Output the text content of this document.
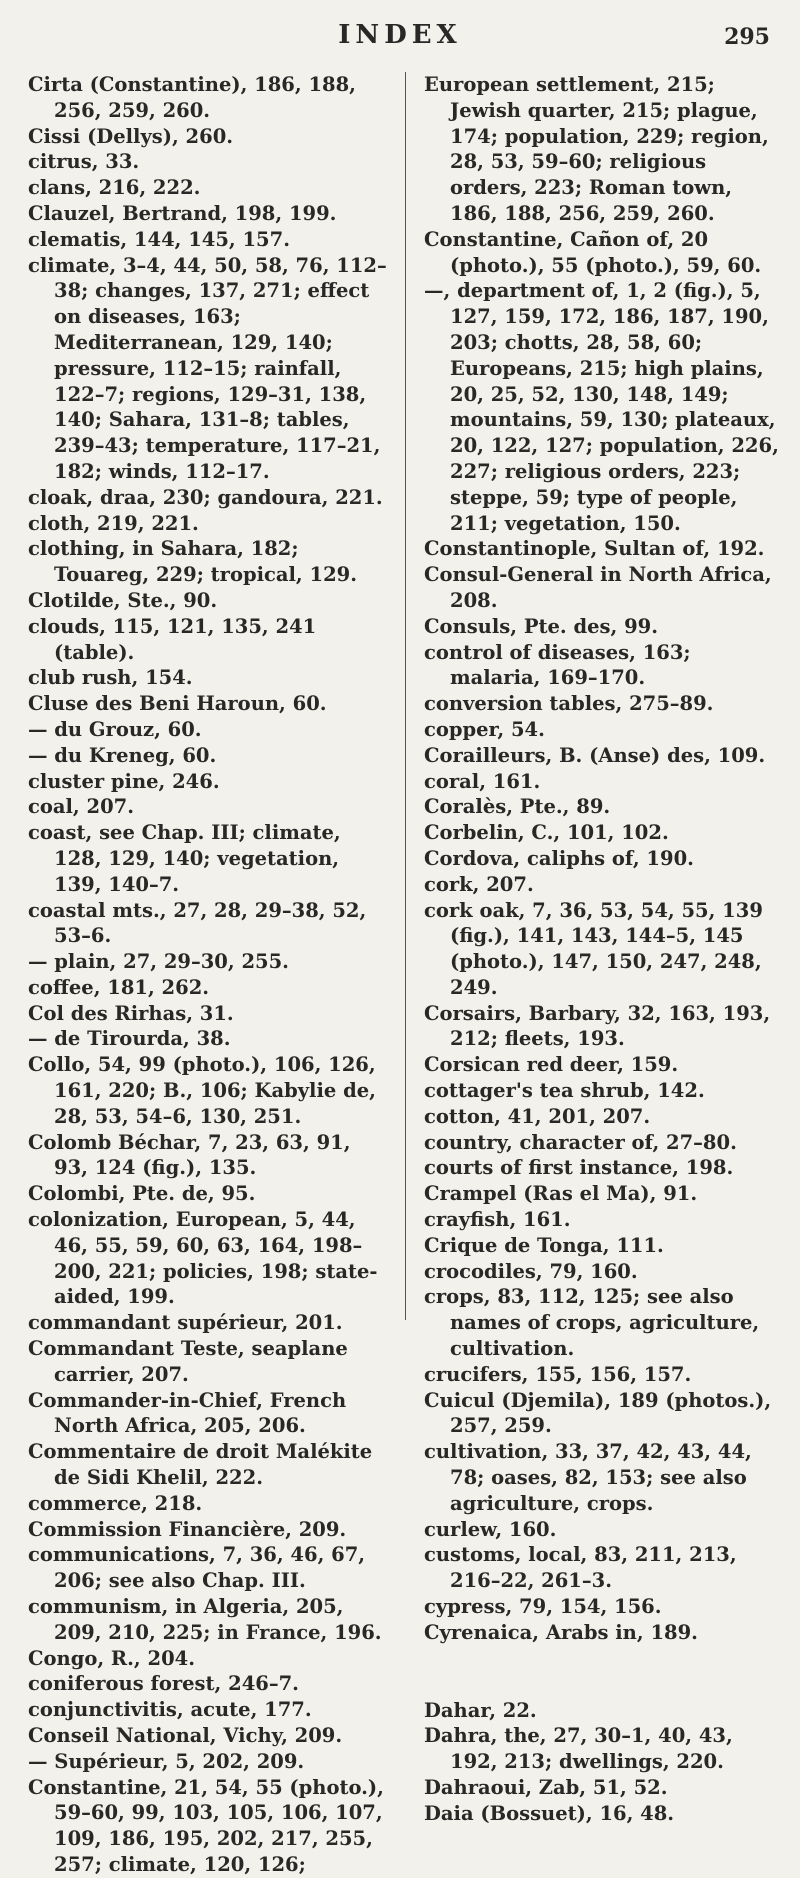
INDEX	295

Cirta (Constantine), 186, 188, 256, 259, 260.

Cissi (Dellys), 260.

citrus, 33.

clans, 216, 222.

Clauzel, Bertrand, 198, 199.

clematis, 144, 145, 157.

climate, 3–4, 44, 50, 58, 76, 112–38; changes, 137, 271; effect on diseases, 163; Mediterranean, 129, 140; pressure, 112–15; rainfall, 122–7; regions, 129–31, 138, 140; Sahara, 131–8; tables, 239–43; temperature, 117–21, 182; winds, 112–17.

cloak, draa, 230; gandoura, 221.

cloth, 219, 221.

clothing, in Sahara, 182; Touareg, 229; tropical, 129.

Clotilde, Ste., 90.

clouds, 115, 121, 135, 241 (table).

club rush, 154.

Cluse des Beni Haroun, 60.

— du Grouz, 60.

— du Kreneg, 60.

cluster pine, 246.

coal, 207.

coast, see Chap. III; climate, 128, 129, 140; vegetation, 139, 140–7.

coastal mts., 27, 28, 29–38, 52, 53–6.

— plain, 27, 29–30, 255.

coffee, 181, 262.

Col des Rirhas, 31.

— de Tirourda, 38.

Collo, 54, 99 (photo.), 106, 126, 161, 220; B., 106; Kabylie de, 28, 53, 54–6, 130, 251.

Colomb Béchar, 7, 23, 63, 91, 93, 124 (fig.), 135.

Colombi, Pte. de, 95.

colonization, European, 5, 44, 46, 55, 59, 60, 63, 164, 198–200, 221; policies, 198; state-aided, 199.

commandant supérieur, 201.

Commandant Teste, seaplane carrier, 207.

Commander-in-Chief, French North Africa, 205, 206.

Commentaire de droit Malékite de Sidi Khelil, 222.

commerce, 218.

Commission Financière, 209.

communications, 7, 36, 46, 67, 206; see also Chap. III.

communism, in Algeria, 205, 209, 210, 225; in France, 196.

Congo, R., 204.

coniferous forest, 246–7.

conjunctivitis, acute, 177.

Conseil National, Vichy, 209.

— Supérieur, 5, 202, 209.

Constantine, 21, 54, 55 (photo.), 59–60, 99, 103, 105, 106, 107, 109, 186, 195, 202, 217, 255, 257; climate, 120, 126;

European settlement, 215; Jewish quarter, 215; plague, 174; population, 229; region, 28, 53, 59–60; religious orders, 223; Roman town, 186, 188, 256, 259, 260.

Constantine, Cañon of, 20 (photo.), 55 (photo.), 59, 60.

—, department of, 1, 2 (fig.), 5, 127, 159, 172, 186, 187, 190, 203; chotts, 28, 58, 60; Europeans, 215; high plains, 20, 25, 52, 130, 148, 149; mountains, 59, 130; plateaux, 20, 122, 127; population, 226, 227; religious orders, 223; steppe, 59; type of people, 211; vegetation, 150.

Constantinople, Sultan of, 192.

Consul-General in North Africa, 208.

Consuls, Pte. des, 99.

control of diseases, 163; malaria, 169–170.

conversion tables, 275–89.

copper, 54.

Corailleurs, B. (Anse) des, 109.

coral, 161.

Coralès, Pte., 89.

Corbelin, C., 101, 102.

Cordova, caliphs of, 190.

cork, 207.

cork oak, 7, 36, 53, 54, 55, 139 (fig.), 141, 143, 144–5, 145 (photo.), 147, 150, 247, 248, 249.

Corsairs, Barbary, 32, 163, 193, 212; fleets, 193.

Corsican red deer, 159.

cottager's tea shrub, 142.

cotton, 41, 201, 207.

country, character of, 27–80.

courts of first instance, 198.

Crampel (Ras el Ma), 91.

crayfish, 161.

Crique de Tonga, 111.

crocodiles, 79, 160.

crops, 83, 112, 125; see also names of crops, agriculture, cultivation.

crucifers, 155, 156, 157.

Cuicul (Djemila), 189 (photos.), 257, 259.

cultivation, 33, 37, 42, 43, 44, 78; oases, 82, 153; see also agriculture, crops.

curlew, 160.

customs, local, 83, 211, 213, 216–22, 261–3.

cypress, 79, 154, 156.

Cyrenaica, Arabs in, 189.

Dahar, 22.

Dahra, the, 27, 30–1, 40, 43, 192, 213; dwellings, 220.

Dahraoui, Zab, 51, 52.

Daia (Bossuet), 16, 48.
